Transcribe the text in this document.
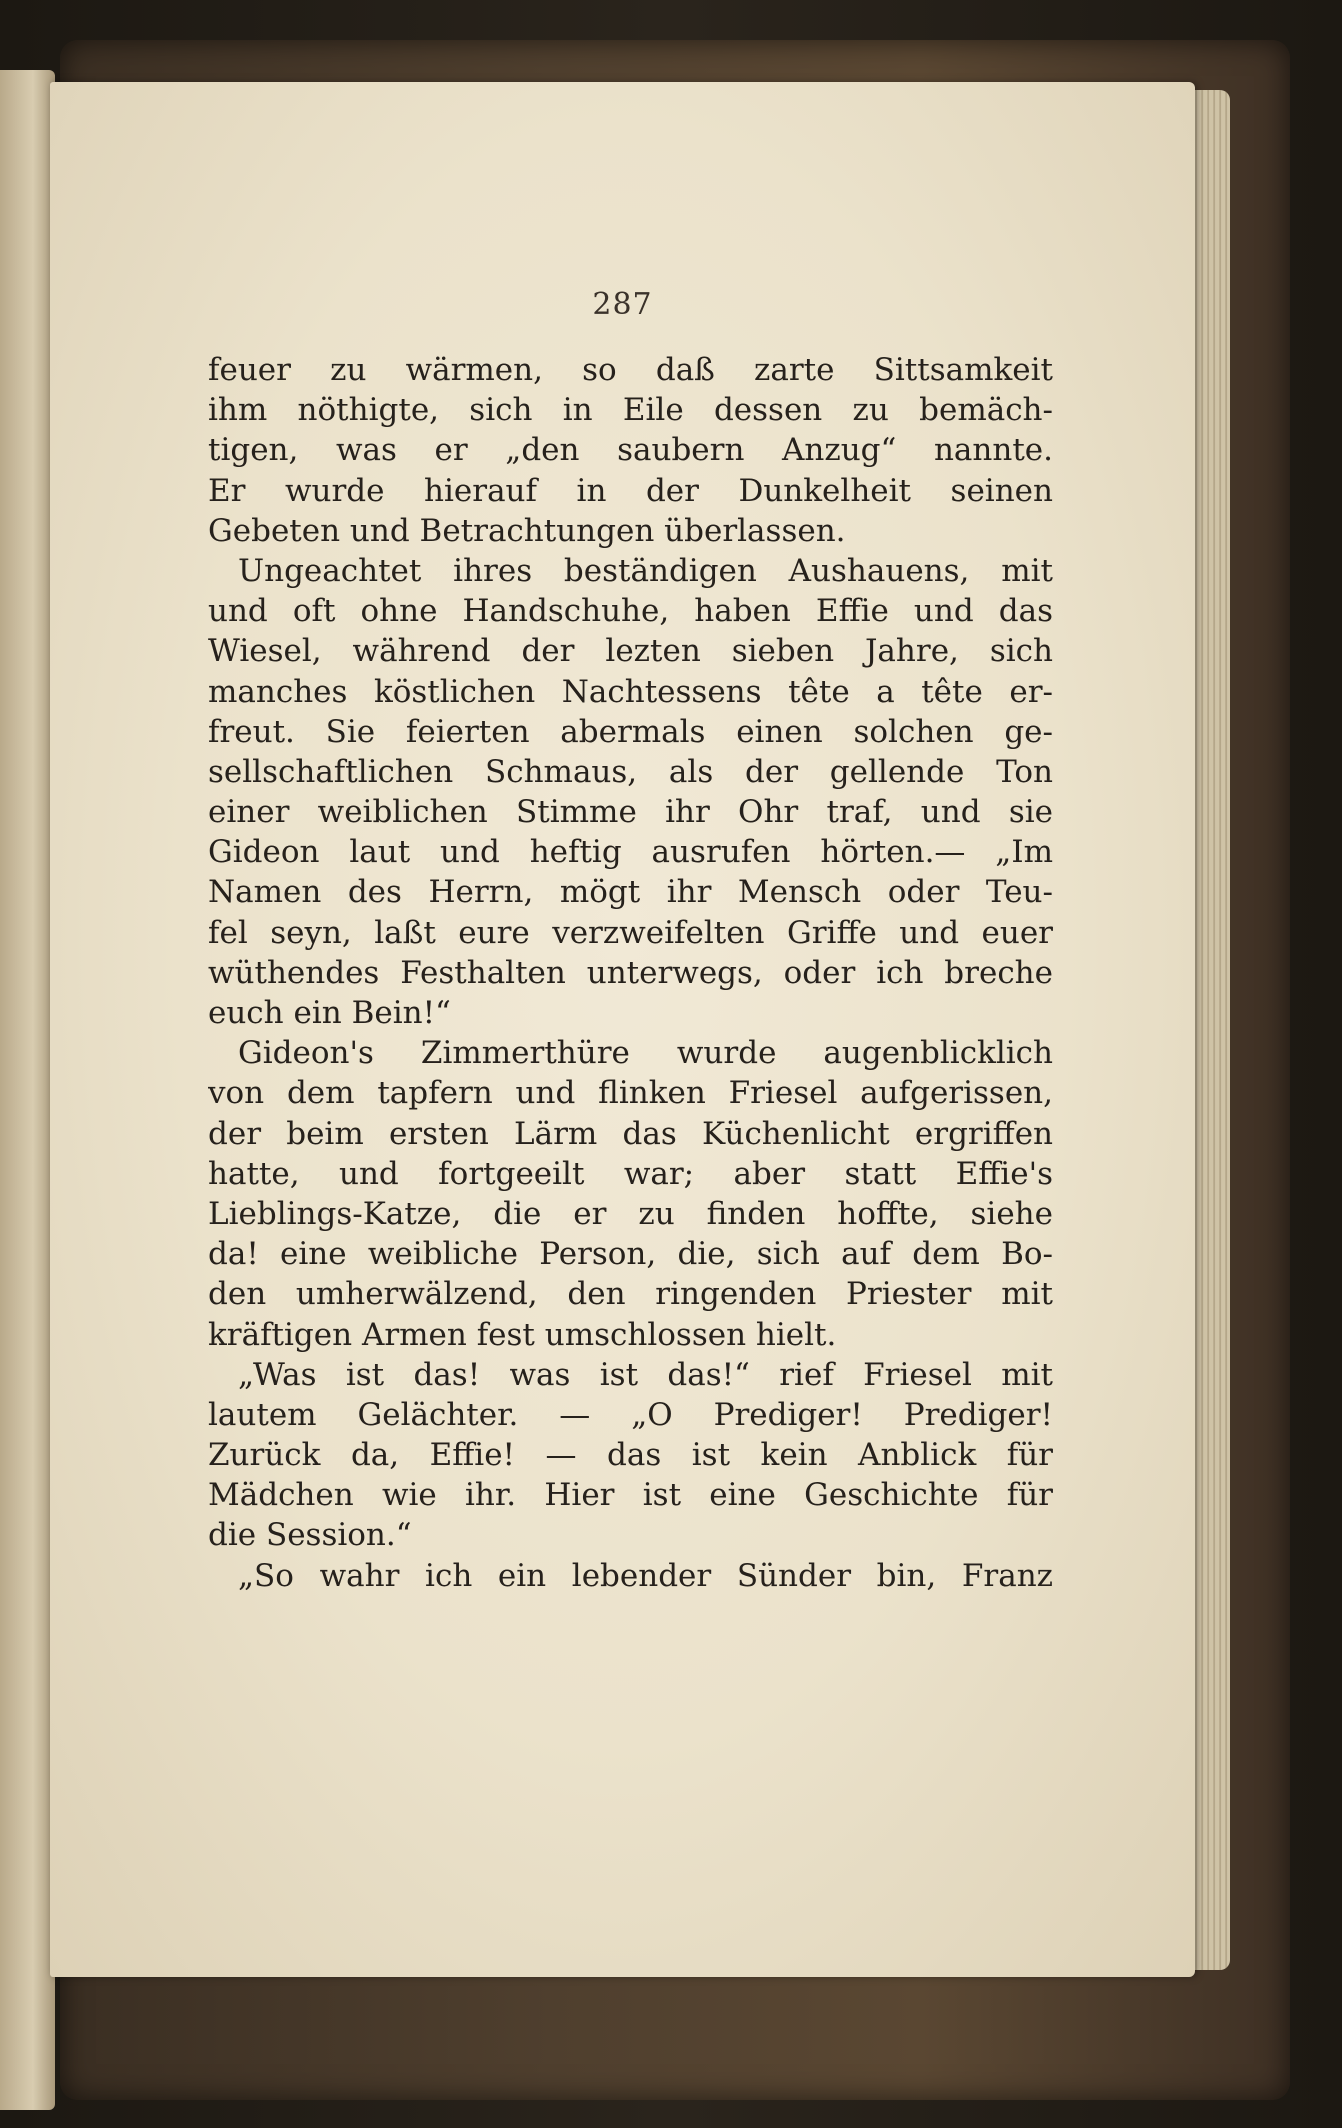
287
feuer zu wärmen, so daß zarte Sittsamkeit
ihm nöthigte, sich in Eile dessen zu bemäch-
tigen, was er „den saubern Anzug“ nannte.
Er wurde hierauf in der Dunkelheit seinen
Gebeten und Betrachtungen überlassen.
Ungeachtet ihres beständigen Aushauens, mit
und oft ohne Handschuhe, haben Effie und das
Wiesel, während der lezten sieben Jahre, sich
manches köstlichen Nachtessens tête a tête er-
freut. Sie feierten abermals einen solchen ge-
sellschaftlichen Schmaus, als der gellende Ton
einer weiblichen Stimme ihr Ohr traf, und sie
Gideon laut und heftig ausrufen hörten.— „Im
Namen des Herrn, mögt ihr Mensch oder Teu-
fel seyn, laßt eure verzweifelten Griffe und euer
wüthendes Festhalten unterwegs, oder ich breche
euch ein Bein!“
Gideon's Zimmerthüre wurde augenblicklich
von dem tapfern und flinken Friesel aufgerissen,
der beim ersten Lärm das Küchenlicht ergriffen
hatte, und fortgeeilt war; aber statt Effie's
Lieblings-Katze, die er zu finden hoffte, siehe
da! eine weibliche Person, die, sich auf dem Bo-
den umherwälzend, den ringenden Priester mit
kräftigen Armen fest umschlossen hielt.
„Was ist das! was ist das!“ rief Friesel mit
lautem Gelächter. — „O Prediger! Prediger!
Zurück da, Effie! — das ist kein Anblick für
Mädchen wie ihr. Hier ist eine Geschichte für
die Session.“
„So wahr ich ein lebender Sünder bin, Franz
